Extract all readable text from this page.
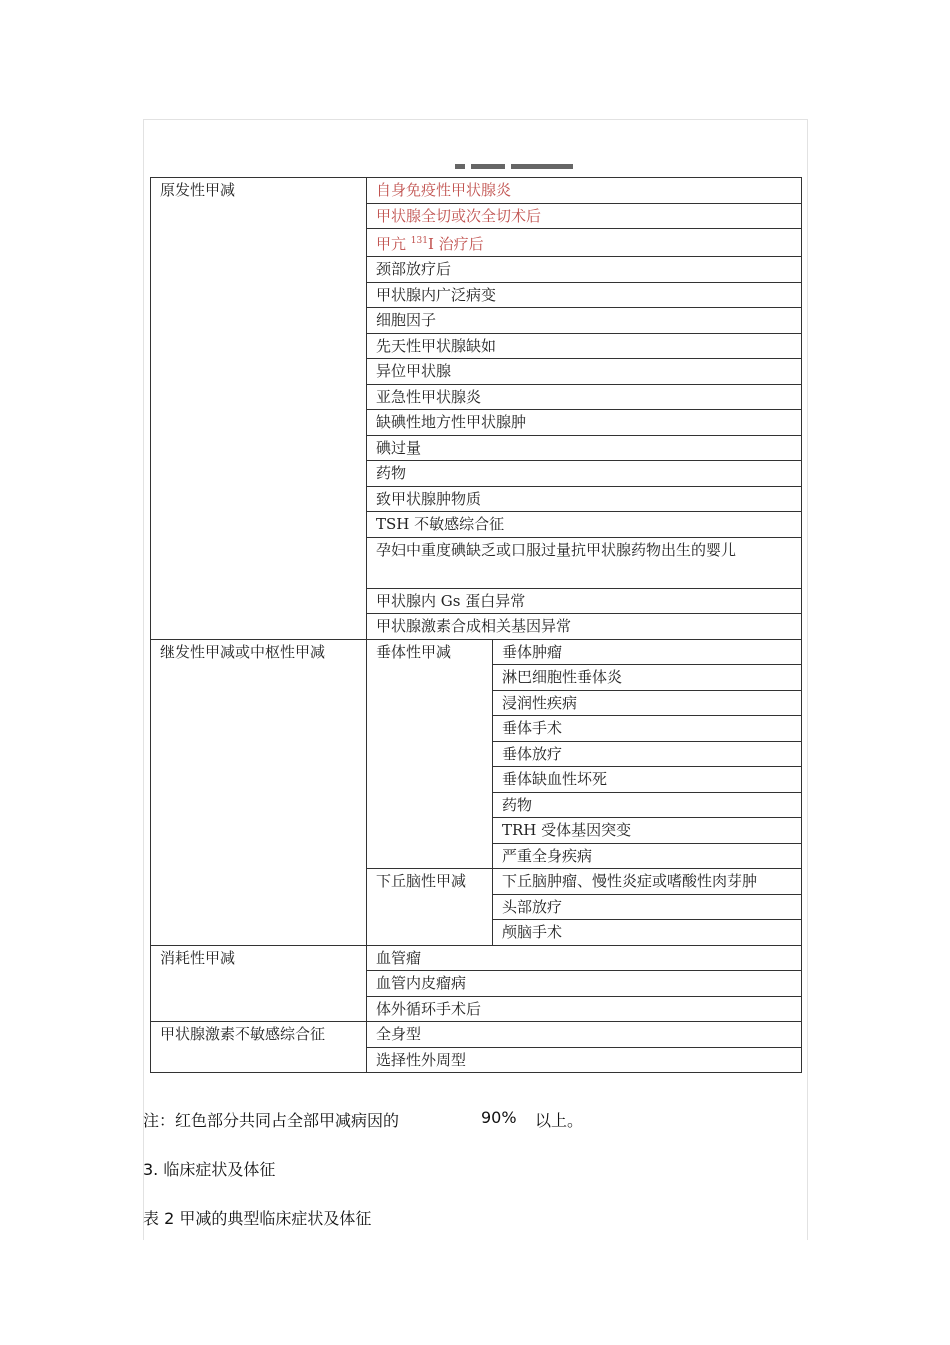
原发性甲减	自身免疫性甲状腺炎	
	甲状腺全切或次全切术后	
	甲亢 $^{131}$I 治疗后	
	颈部放疗后	
	甲状腺内广泛病变	
	细胞因子	
	先天性甲状腺缺如	
	异位甲状腺	
	亚急性甲状腺炎	
	缺碘性地方性甲状腺肿	
	碘过量	
	药物	
	致甲状腺肿物质	
	TSH 不敏感综合征	
	孕妇中重度碘缺乏或口服过量抗甲状腺药物出生的婴儿	
	甲状腺内 Gs 蛋白异常	
	甲状腺激素合成相关基因异常	
继发性甲减或中枢性甲减	垂体性甲减	垂体肿瘤
		淋巴细胞性垂体炎
		浸润性疾病
		垂体手术
		垂体放疗
		垂体缺血性坏死
		药物
		TRH 受体基因突变
		严重全身疾病
	下丘脑性甲减	下丘脑肿瘤、慢性炎症或嗜酸性肉芽肿
		头部放疗
		颅脑手术
消耗性甲减	血管瘤	
	血管内皮瘤病	
	体外循环手术后	
甲状腺激素不敏感综合征	全身型	
	选择性外周型	
注：红色部分共同占全部甲减病因的	90% 以上。
3. 临床症状及体征
表 2 甲减的典型临床症状及体征
